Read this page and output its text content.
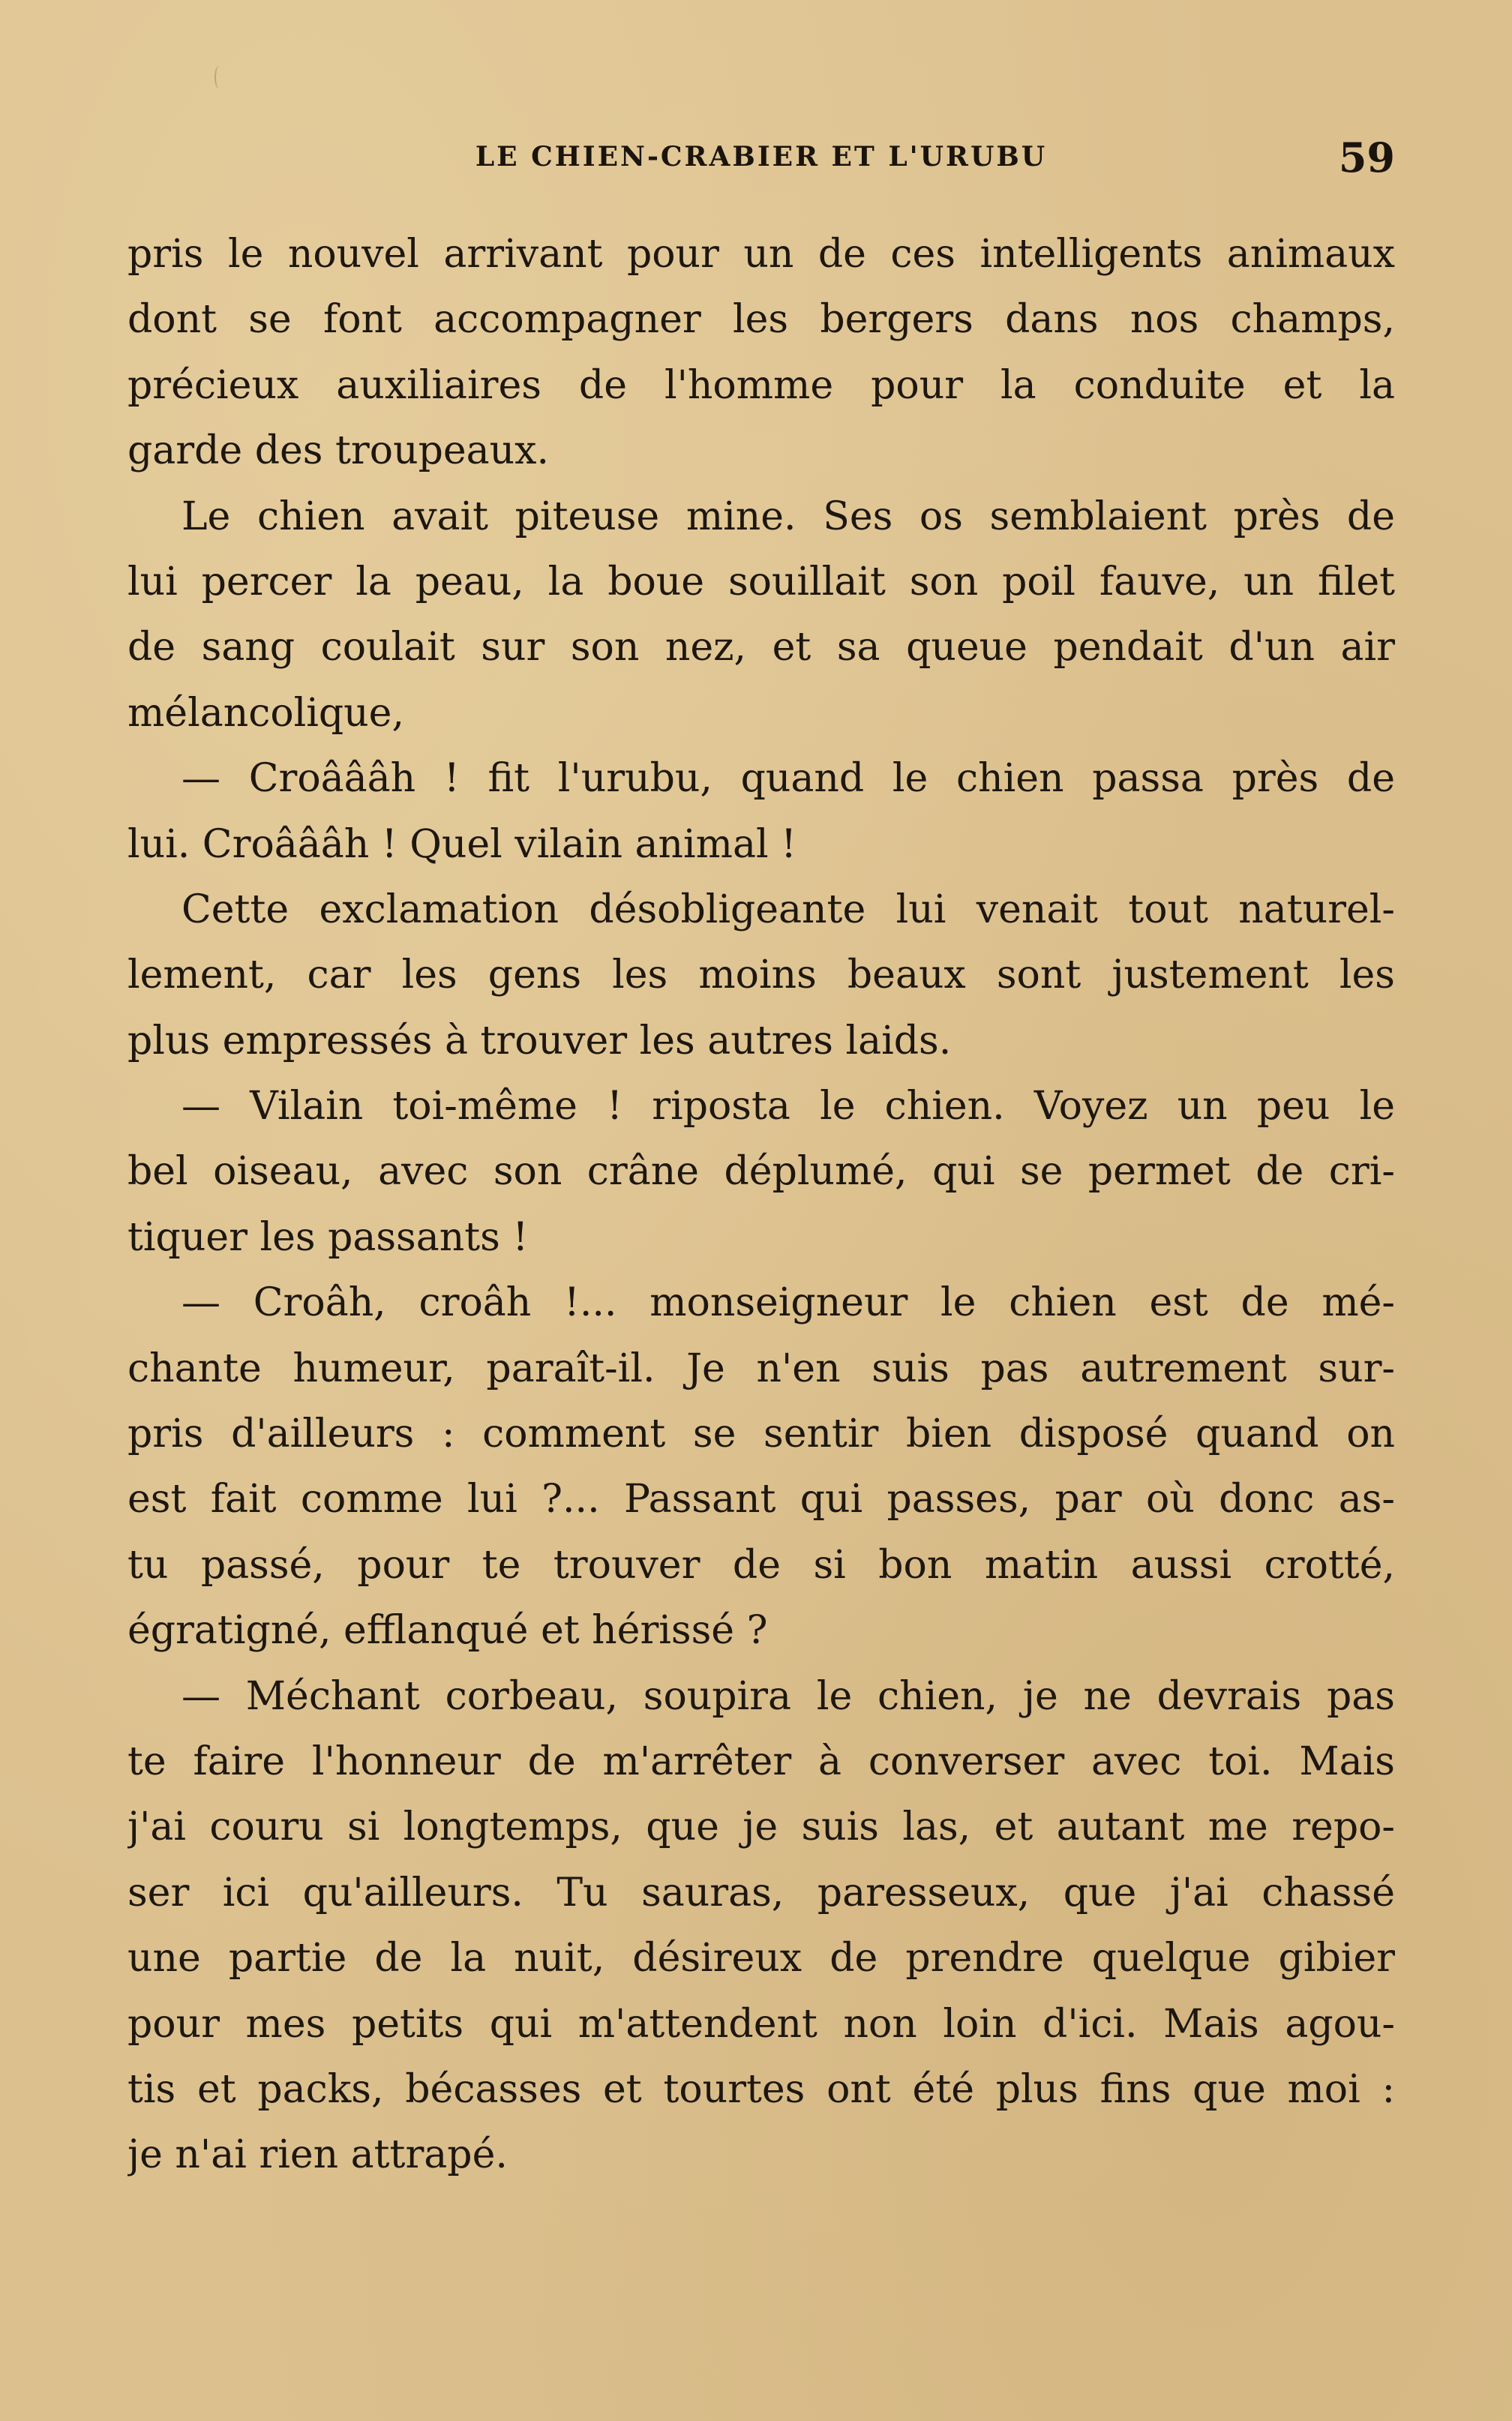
LE CHIEN-CRABIER ET L'URUBU	59
pris le nouvel arrivant pour un de ces intelligents animaux
dont se font accompagner les bergers dans nos champs,
précieux auxiliaires de l'homme pour la conduite et la
garde des troupeaux.
Le chien avait piteuse mine. Ses os semblaient près de
lui percer la peau, la boue souillait son poil fauve, un filet
de sang coulait sur son nez, et sa queue pendait d'un air
mélancolique,
— Croâââh ! fit l'urubu, quand le chien passa près de
lui. Croâââh ! Quel vilain animal !
Cette exclamation désobligeante lui venait tout naturel-
lement, car les gens les moins beaux sont justement les
plus empressés à trouver les autres laids.
— Vilain toi-même ! riposta le chien. Voyez un peu le
bel oiseau, avec son crâne déplumé, qui se permet de cri-
tiquer les passants !
— Croâh, croâh !... monseigneur le chien est de mé-
chante humeur, paraît-il. Je n'en suis pas autrement sur-
pris d'ailleurs : comment se sentir bien disposé quand on
est fait comme lui ?... Passant qui passes, par où donc as-
tu passé, pour te trouver de si bon matin aussi crotté,
égratigné, efflanqué et hérissé ?
— Méchant corbeau, soupira le chien, je ne devrais pas
te faire l'honneur de m'arrêter à converser avec toi. Mais
j'ai couru si longtemps, que je suis las, et autant me repo-
ser ici qu'ailleurs. Tu sauras, paresseux, que j'ai chassé
une partie de la nuit, désireux de prendre quelque gibier
pour mes petits qui m'attendent non loin d'ici. Mais agou-
tis et packs, bécasses et tourtes ont été plus fins que moi :
je n'ai rien attrapé.
